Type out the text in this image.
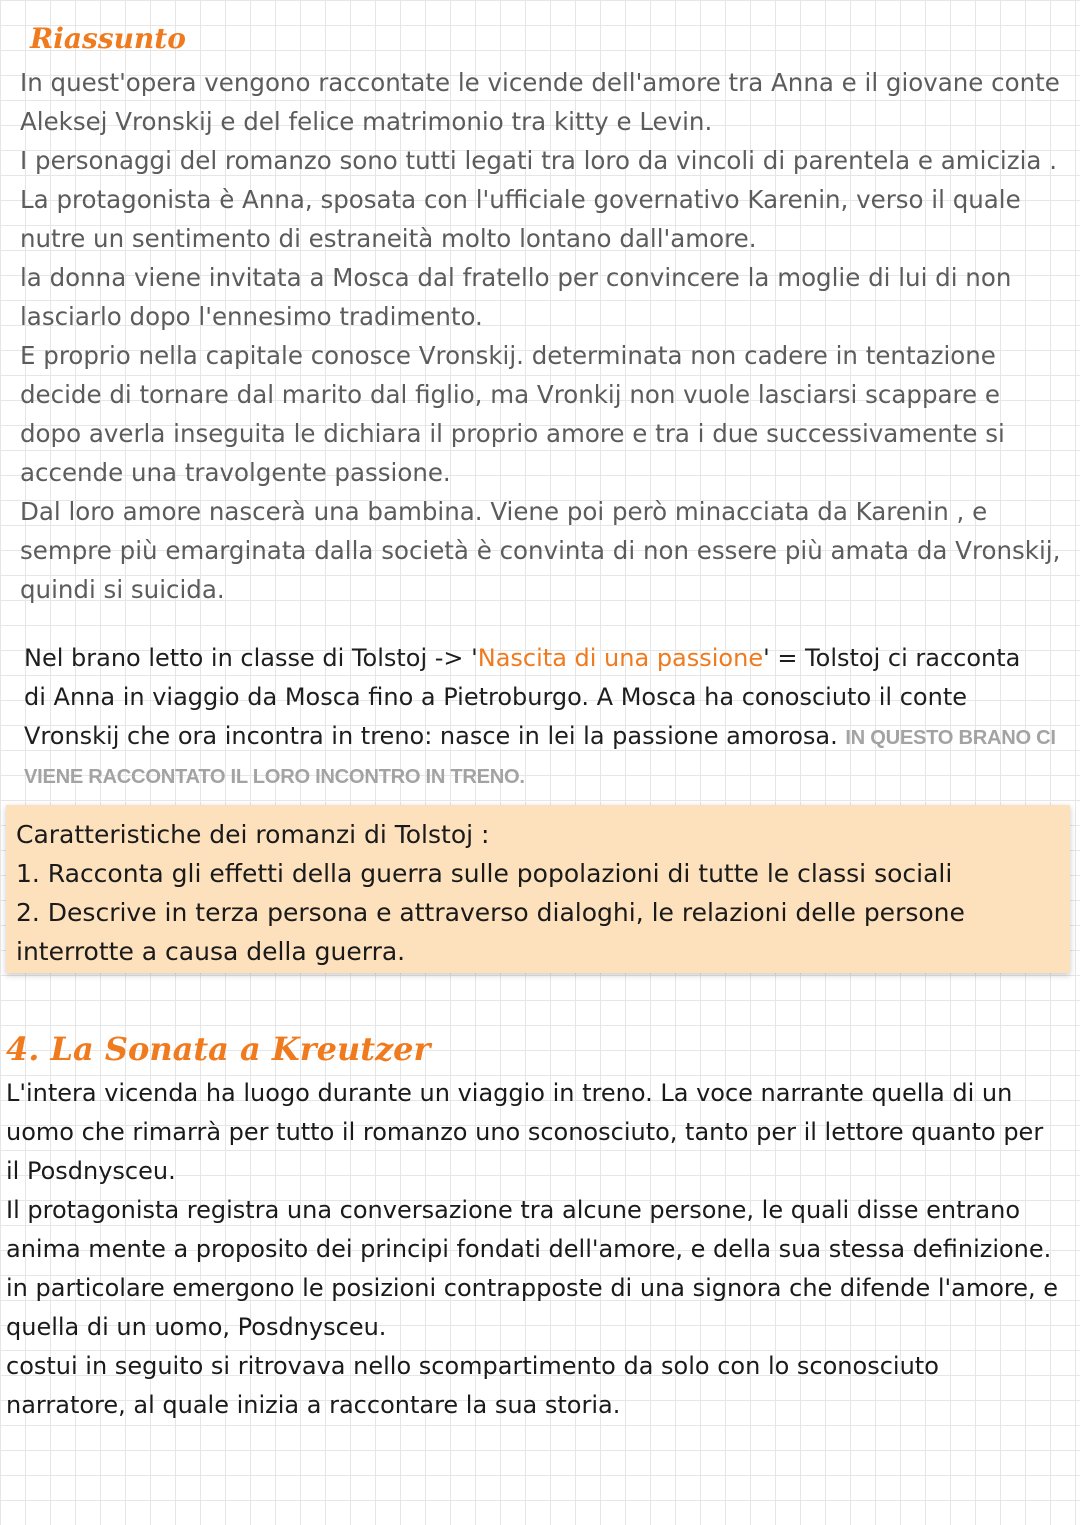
Riassunto
In quest'opera vengono raccontate le vicende dell'amore tra Anna e il giovane conte
Aleksej Vronskij e del felice matrimonio tra kitty e Levin.
I personaggi del romanzo sono tutti legati tra loro da vincoli di parentela e amicizia .
La protagonista è Anna, sposata con l'ufficiale governativo Karenin, verso il quale
nutre un sentimento di estraneità molto lontano dall'amore.
la donna viene invitata a Mosca dal fratello per convincere la moglie di lui di non
lasciarlo dopo l'ennesimo tradimento.
E proprio nella capitale conosce Vronskij. determinata non cadere in tentazione
decide di tornare dal marito dal figlio, ma Vronkij non vuole lasciarsi scappare e
dopo averla inseguita le dichiara il proprio amore e tra i due successivamente si
accende una travolgente passione.
Dal loro amore nascerà una bambina. Viene poi però minacciata da Karenin , e
sempre più emarginata dalla società è convinta di non essere più amata da Vronskij,
quindi si suicida.
Nel brano letto in classe di Tolstoj -> 'Nascita di una passione' = Tolstoj ci racconta
di Anna in viaggio da Mosca fino a Pietroburgo. A Mosca ha conosciuto il conte
Vronskij che ora incontra in treno: nasce in lei la passione amorosa. IN QUESTO BRANO CI
VIENE RACCONTATO IL LORO INCONTRO IN TRENO.
Caratteristiche dei romanzi di Tolstoj :
1. Racconta gli effetti della guerra sulle popolazioni di tutte le classi sociali
2. Descrive in terza persona e attraverso dialoghi, le relazioni delle persone
interrotte a causa della guerra.
4. La Sonata a Kreutzer
L'intera vicenda ha luogo durante un viaggio in treno. La voce narrante quella di un
uomo che rimarrà per tutto il romanzo uno sconosciuto, tanto per il lettore quanto per
il Posdnysceu.
Il protagonista registra una conversazione tra alcune persone, le quali disse entrano
anima mente a proposito dei principi fondati dell'amore, e della sua stessa definizione.
in particolare emergono le posizioni contrapposte di una signora che difende l'amore, e
quella di un uomo, Posdnysceu.
costui in seguito si ritrovava nello scompartimento da solo con lo sconosciuto
narratore, al quale inizia a raccontare la sua storia.
